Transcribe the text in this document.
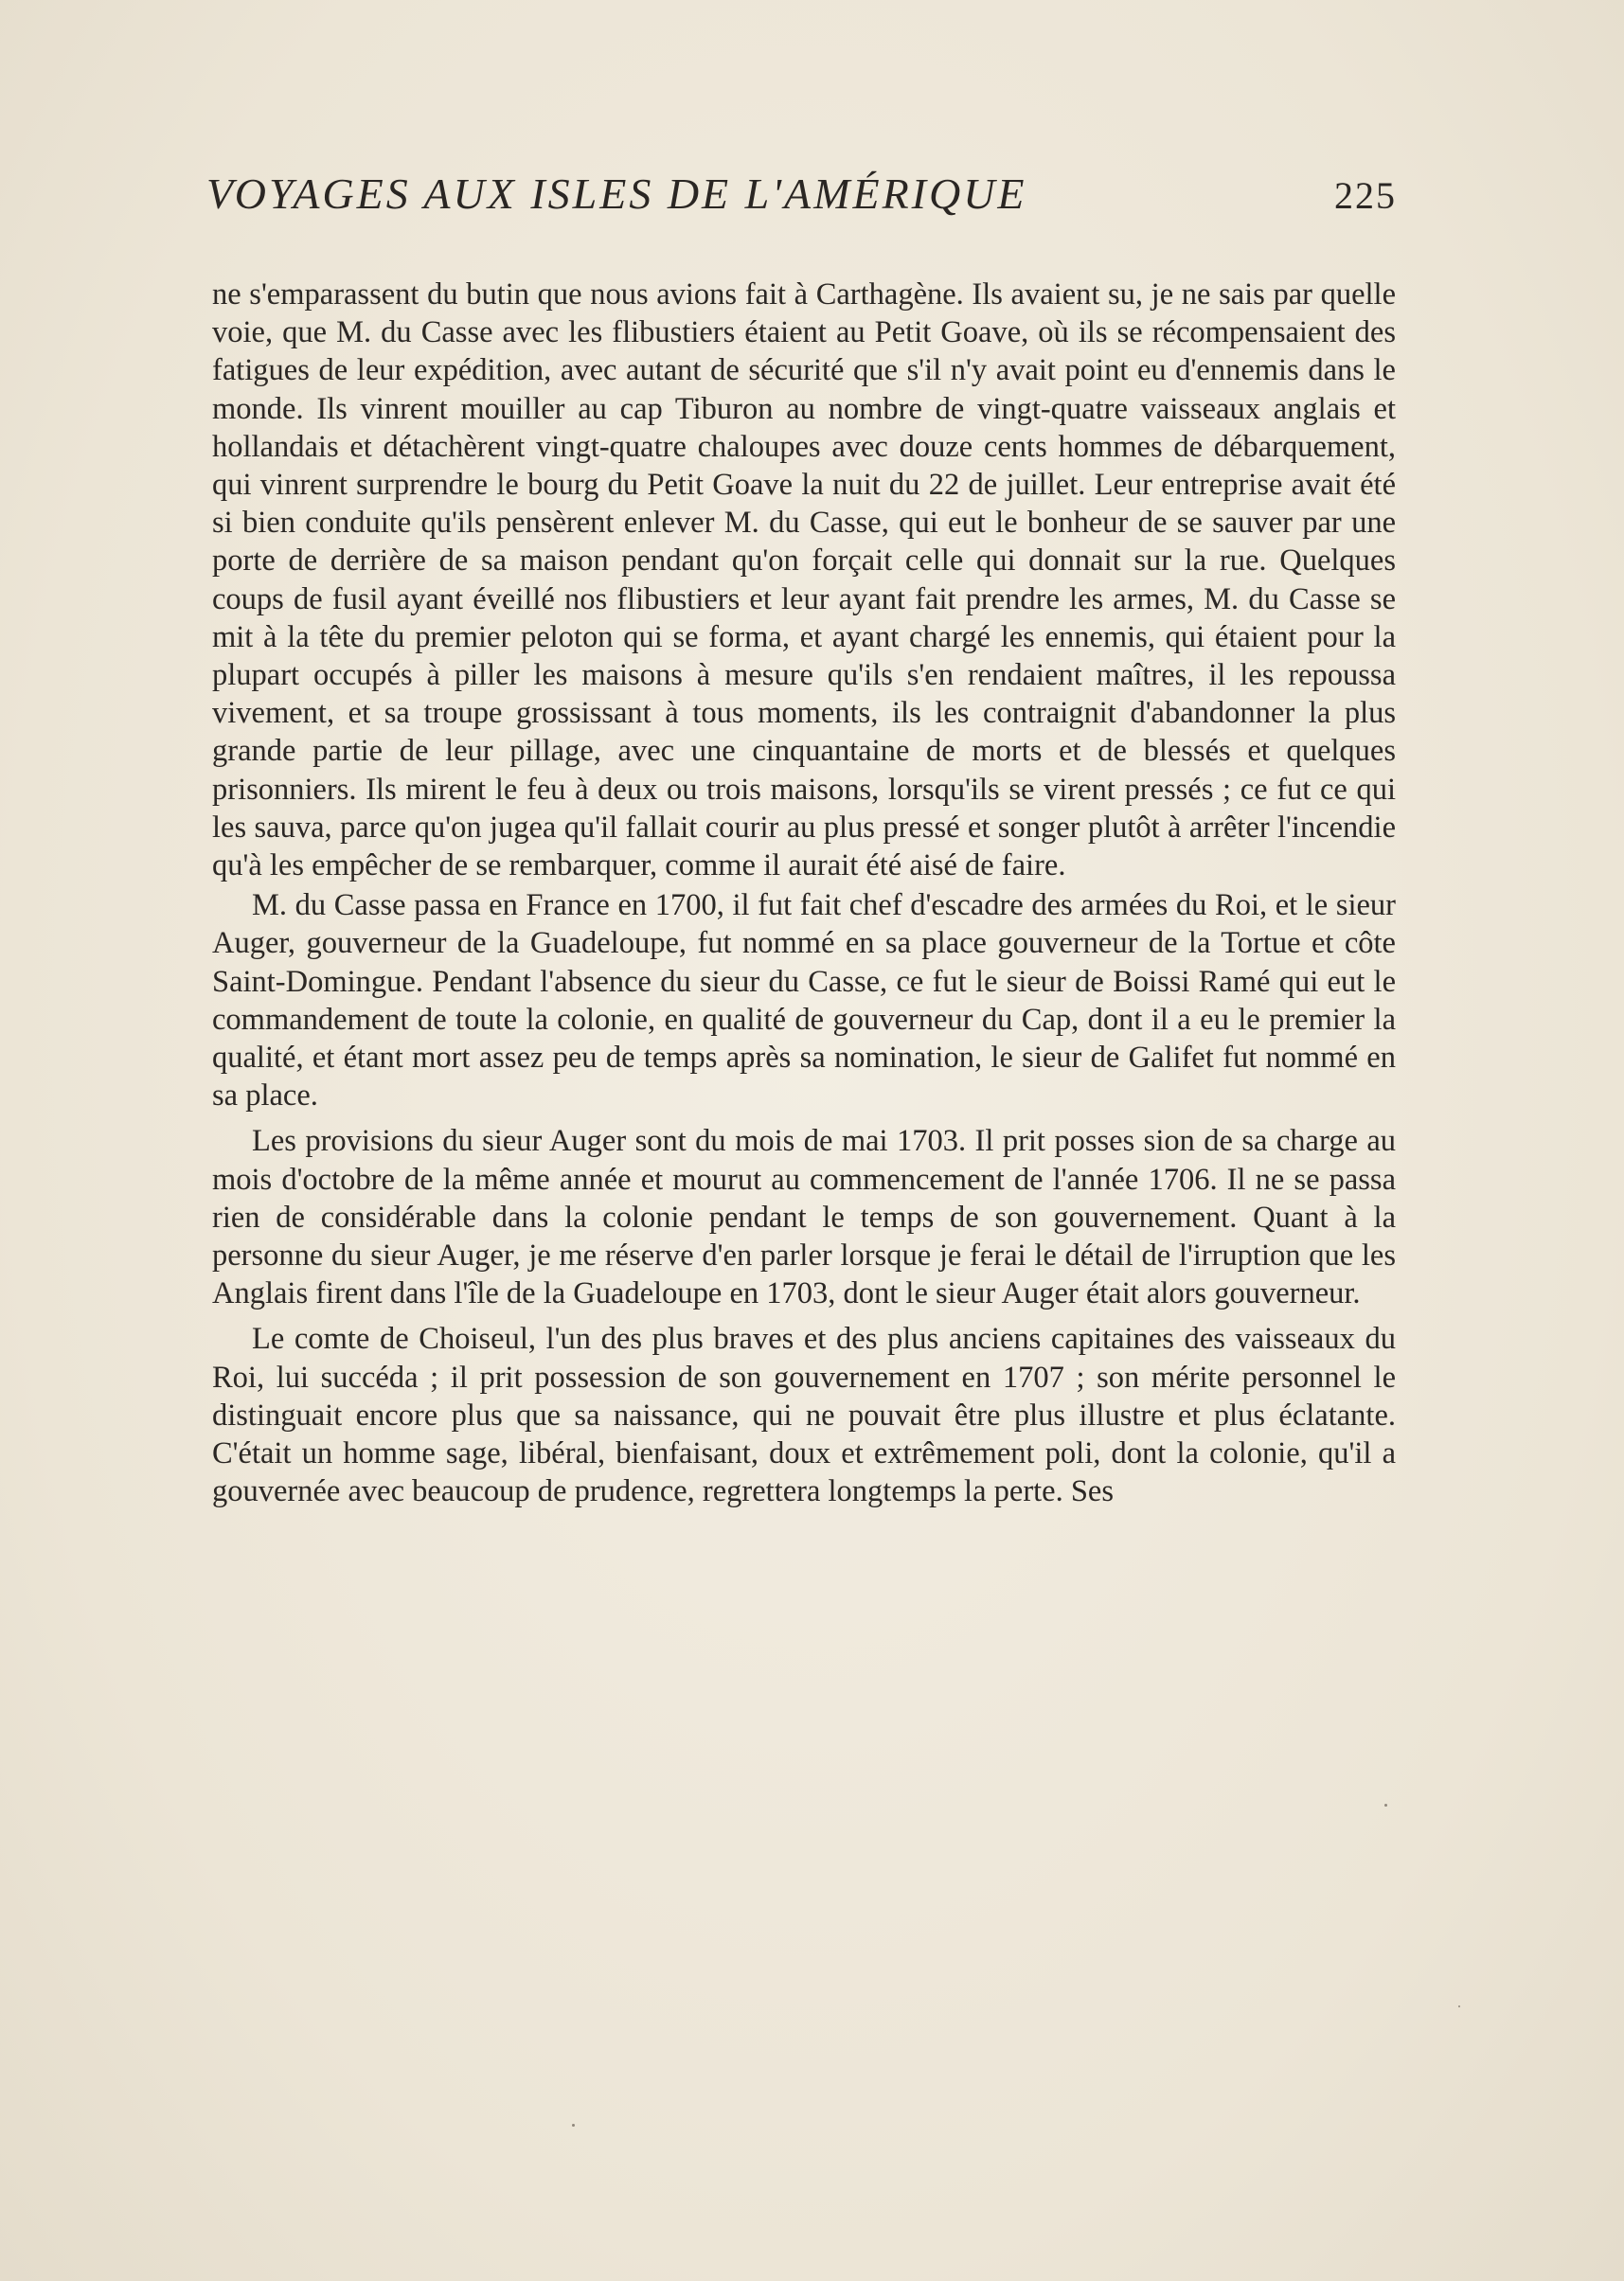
VOYAGES AUX ISLES DE L'AMÉRIQUE	225

ne s'emparassent du butin que nous avions fait à Carthagène. Ils avaient su, je ne sais par quelle voie, que M. du Casse avec les flibustiers étaient au Petit Goave, où ils se récompensaient des fatigues de leur expédition, avec autant de sécurité que s'il n'y avait point eu d'ennemis dans le monde. Ils vinrent mouiller au cap Tiburon au nombre de vingt-quatre vaisseaux anglais et hollandais et détachèrent vingt-quatre chaloupes avec douze cents hommes de débarquement, qui vinrent surprendre le bourg du Petit Goave la nuit du 22 de juillet. Leur entreprise avait été si bien conduite qu'ils pensèrent enlever M. du Casse, qui eut le bonheur de se sauver par une porte de derrière de sa maison pendant qu'on forçait celle qui donnait sur la rue. Quelques coups de fusil ayant éveillé nos flibustiers et leur ayant fait prendre les armes, M. du Casse se mit à la tête du premier peloton qui se forma, et ayant chargé les ennemis, qui étaient pour la plupart occupés à piller les maisons à mesure qu'ils s'en rendaient maîtres, il les repoussa vivement, et sa troupe grossissant à tous moments, ils les contraignit d'abandonner la plus grande partie de leur pillage, avec une cinquantaine de morts et de blessés et quelques prisonniers. Ils mirent le feu à deux ou trois maisons, lorsqu'ils se virent pressés ; ce fut ce qui les sauva, parce qu'on jugea qu'il fallait courir au plus pressé et songer plutôt à arrêter l'incendie qu'à les empêcher de se rembarquer, comme il aurait été aisé de faire.

M. du Casse passa en France en 1700, il fut fait chef d'escadre des armées du Roi, et le sieur Auger, gouverneur de la Guadeloupe, fut nommé en sa place gouverneur de la Tortue et côte Saint-Domingue. Pendant l'absence du sieur du Casse, ce fut le sieur de Boissi Ramé qui eut le commandement de toute la colonie, en qualité de gouverneur du Cap, dont il a eu le premier la qualité, et étant mort assez peu de temps après sa nomination, le sieur de Galifet fut nommé en sa place.

Les provisions du sieur Auger sont du mois de mai 1703. Il prit posses sion de sa charge au mois d'octobre de la même année et mourut au commencement de l'année 1706. Il ne se passa rien de considérable dans la colonie pendant le temps de son gouvernement. Quant à la personne du sieur Auger, je me réserve d'en parler lorsque je ferai le détail de l'irruption que les Anglais firent dans l'île de la Guadeloupe en 1703, dont le sieur Auger était alors gouverneur.

Le comte de Choiseul, l'un des plus braves et des plus anciens capitaines des vaisseaux du Roi, lui succéda ; il prit possession de son gouvernement en 1707 ; son mérite personnel le distinguait encore plus que sa naissance, qui ne pouvait être plus illustre et plus éclatante. C'était un homme sage, libéral, bienfaisant, doux et extrêmement poli, dont la colonie, qu'il a gouvernée avec beaucoup de prudence, regrettera longtemps la perte. Ses
